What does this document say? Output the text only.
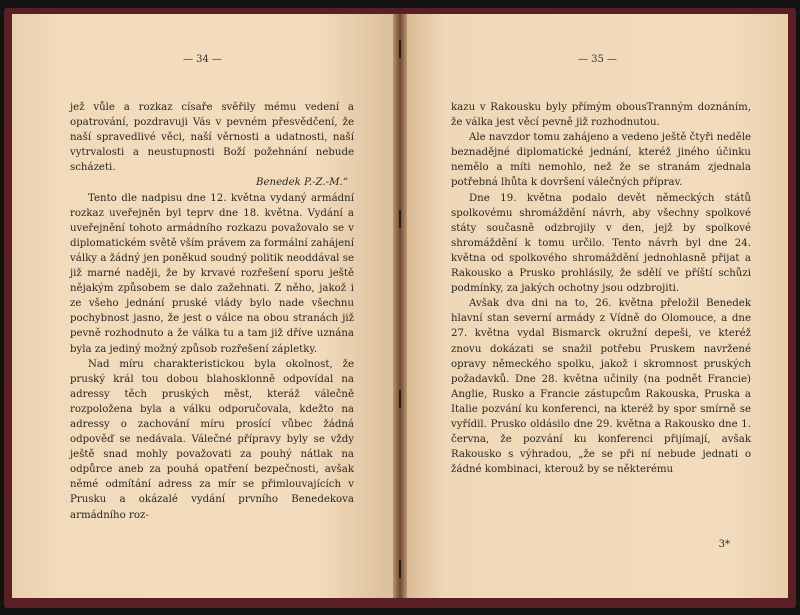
— 34 —

jež vůle a rozkaz císaře svěřily mému vedení a opatrování, pozdravuji Vás v pevném přesvědčení, že naší spravedlivé věci, naší věrnosti a udatnosti, naší vytrvalosti a neustupnosti Boží požehnání nebude scházeti.

Benedek P.-Z.-M.“

Tento dle nadpisu dne 12. května vydaný armádní rozkaz uveřejněn byl teprv dne 18. května. Vydání a uveřejnění tohoto armádního rozkazu považovalo se v diplomatickém světě vším právem za formální zahájení války a žádný jen poněkud soudný politik neoddával se již marné naději, že by krvavé rozřešení sporu ještě nějakým způsobem se dalo zažehnati. Z něho, jakož i ze všeho jednání pruské vlády bylo nade všechnu pochybnost jasno, že jest o válce na obou stranách již pevně rozhodnuto a že válka tu a tam již dříve uznána byla za jediný možný způsob rozřešení zápletky.

Nad míru charakteristickou byla okolnost, že pruský král tou dobou blahosklonně odpovídal na adressy těch pruských měst, kteráž válečně rozpoložena byla a válku odporučovala, kdežto na adressy o zachování míru prosící vůbec žádná odpověď se nedávala. Válečné přípravy byly se vždy ještě snad mohly považovati za pouhý nátlak na odpůrce aneb za pouhá opatření bezpečnosti, avšak němé odmítání adress za mír se přimlouvajících v Prusku a okázalé vydání prvního Benedekova armádního roz-

— 35 —

kazu v Rakousku byly přímým obousTranným doznáním, že válka jest věcí pevně již rozhodnutou.

Ale navzdor tomu zahájeno a vedeno ještě čtyři neděle beznadějné diplomatické jednání, kteréž jiného účinku nemělo a míti nemohlo, než že se stranám zjednala potřebná lhůta k dovršení válečných příprav.

Dne 19. května podalo devět německých států spolkovému shromáždění návrh, aby všechny spolkové státy současně odzbrojily v den, jejž by spolkové shromáždění k tomu určilo. Tento návrh byl dne 24. května od spolkového shromáždění jednohlasně přijat a Rakousko a Prusko prohlásily, že sdělí ve příští schůzi podmínky, za jakých ochotny jsou odzbrojiti.

Avšak dva dni na to, 26. května přeložil Benedek hlavní stan severní armády z Vídně do Olomouce, a dne 27. května vydal Bismarck okružní depeši, ve kteréž znovu dokázati se snažil potřebu Pruskem navržené opravy německého spolku, jakož i skromnost pruských požadavků. Dne 28. května učinily (na podnět Francie) Anglie, Rusko a Francie zástupcům Rakouska, Pruska a Italie pozvání ku konferenci, na kteréž by spor smírně se vyřídil. Prusko oldásilo dne 29. května a Rakousko dne 1. června, že pozvání ku konferenci přijímají, avšak Rakousko s výhradou, „že se při ní nebude jednati o žádné kombinaci, kterouž by se některému

3*
